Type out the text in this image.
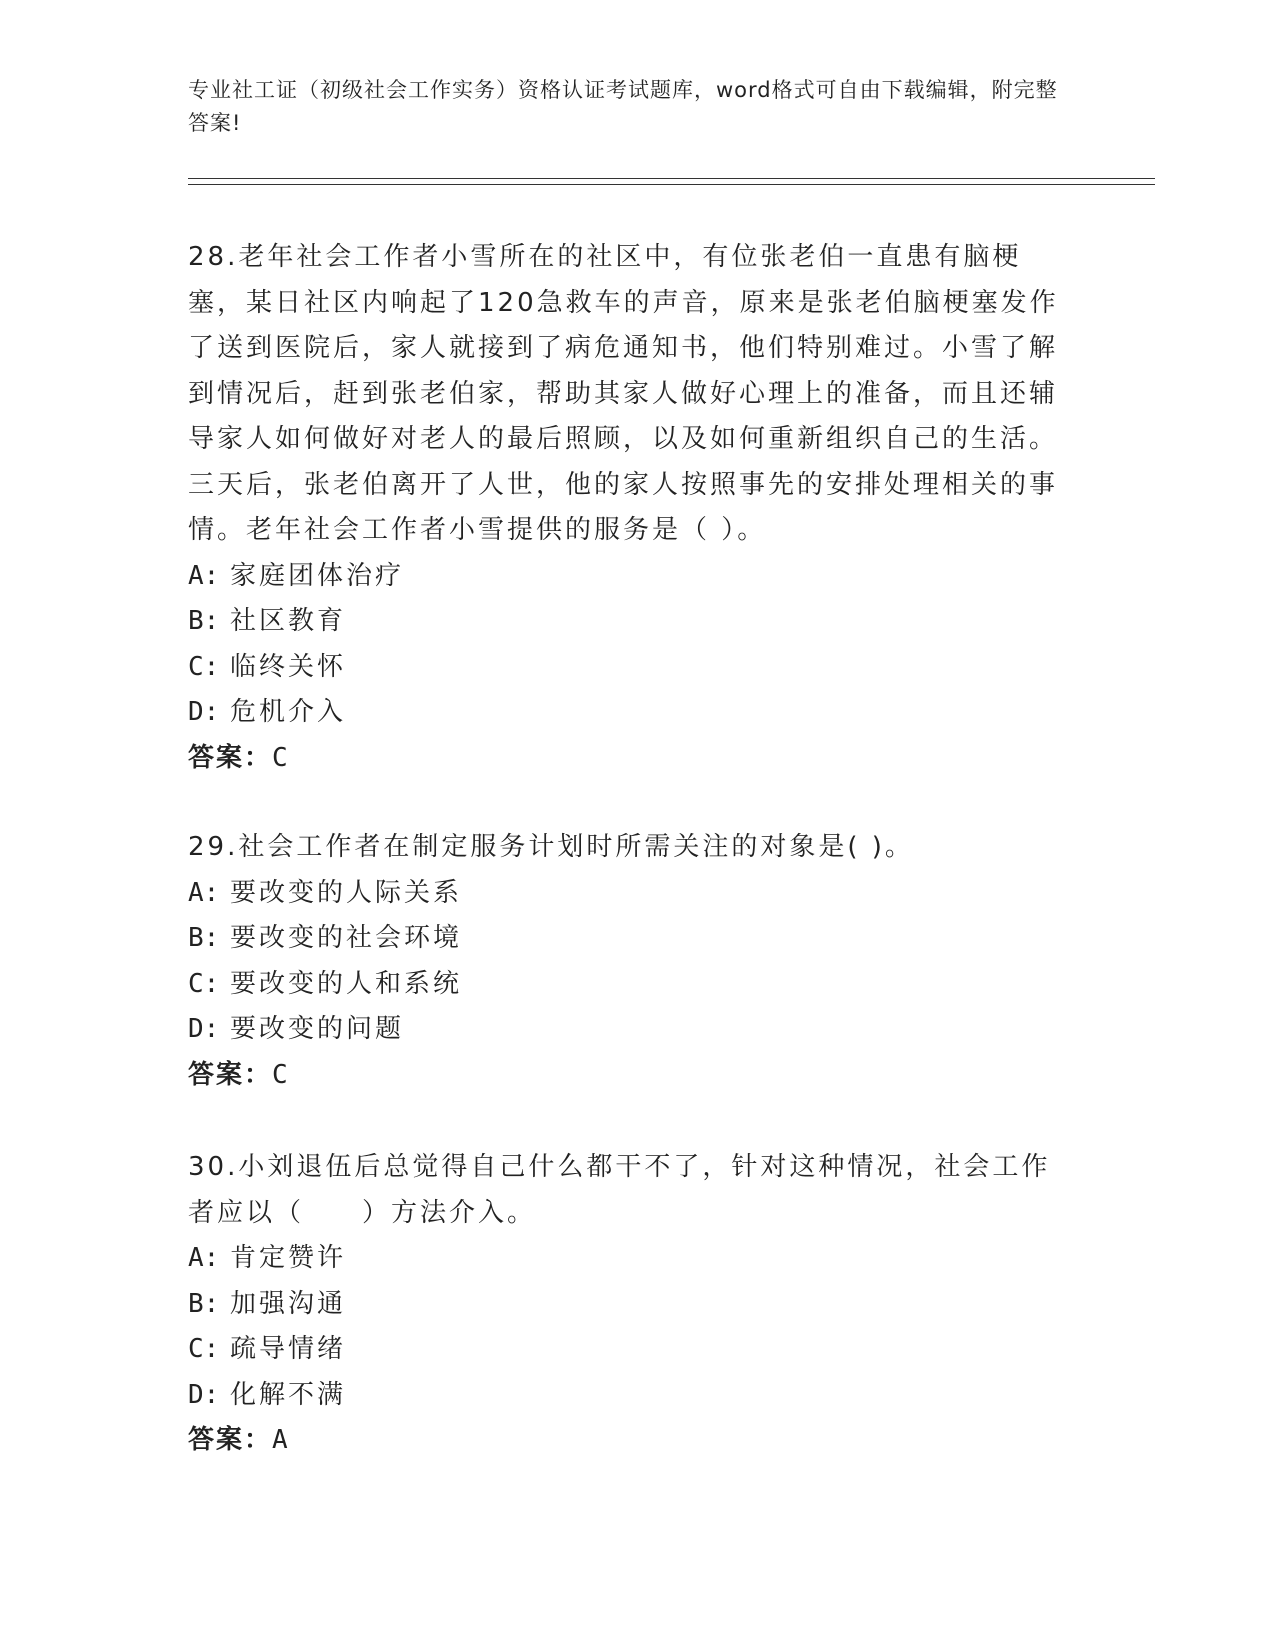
专业社工证（初级社会工作实务）资格认证考试题库，word格式可自由下载编辑，附完整答案!
28.老年社会工作者小雪所在的社区中，有位张老伯一直患有脑梗塞，某日社区内响起了120急救车的声音，原来是张老伯脑梗塞发作了送到医院后，家人就接到了病危通知书，他们特别难过。小雪了解到情况后，赶到张老伯家，帮助其家人做好心理上的准备，而且还辅导家人如何做好对老人的最后照顾，以及如何重新组织自己的生活。三天后，张老伯离开了人世，他的家人按照事先的安排处理相关的事情。老年社会工作者小雪提供的服务是（ ）。
A: 家庭团体治疗
B: 社区教育
C: 临终关怀
D: 危机介入
答案：C
29.社会工作者在制定服务计划时所需关注的对象是( )。
A: 要改变的人际关系
B: 要改变的社会环境
C: 要改变的人和系统
D: 要改变的问题
答案：C
30.小刘退伍后总觉得自己什么都干不了，针对这种情况，社会工作者应以（　　）方法介入。
A: 肯定赞许
B: 加强沟通
C: 疏导情绪
D: 化解不满
答案：A
